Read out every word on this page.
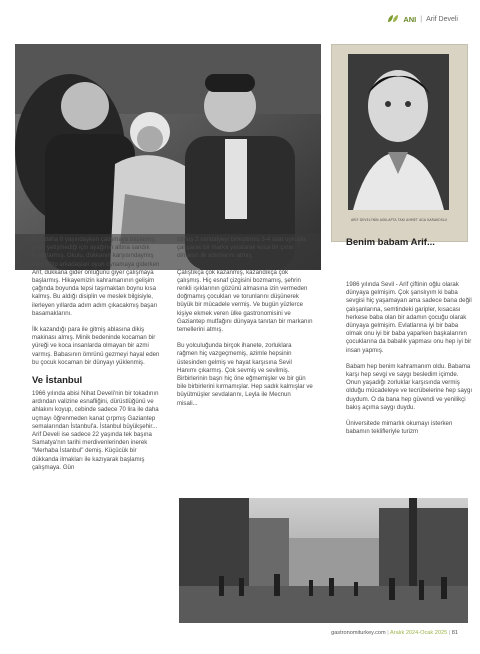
ANI | Arif Develi
ARİF DEVELİ'NİN ASKLAPTA TAKI AHMET AGA KARAKOSLU

Arif, daha 6 yaşındayken çalışmaya başlamış, boyu yetişmediği için ayağının altına sandık koyarlarmış. Okulu, dükkanın karşısındaymış okul bittip arkadaşları oyun oynamaya giderken Arif, dükkana gider önlüğünü giyer çalışmaya başlarmış. Hikayemizin kahramanının gelişim çağında boyunda tepsi taşımaktan boynu kısa kalmış. Bu aldığı disiplin ve meslek bilgisiyle, ilerleyen yıllarda adım adım çıkacakmış başarı basamaklarını.

İlk kazandığı para ile gitmiş ablasına dikiş makinası almış. Minik bedeninde kocaman bir yüreği ve koca insanlarda olmayan bir azmi varmış. Babasının ömrünü gezmeyi hayal eden bu çocuk kocaman bir dünyayı yüklenmiş.

Ve İstanbul

1966 yılında abisi Nihat Develi'nin bir tokadının ardından valizine esnafliğini, dürüstlüğünü ve ahlakını koyup, cebinde sadece 70 lira ile daha uçmayı öğrenmeden kanat çırpmış Gaziantep semalarından İstanbul'a. İstanbul büyükşehir... Arif Develi ise sadece 22 yaşında tek başına Samatya'nın tarihi merdivenlerinden inerek "Merhaba İstanbul" demiş. Küçücük bir dükkanda ilmakları ile kazıyarak başlamış çalışmaya. Gün

olmuş 2 sandalyeyi birleştirmiş 3-4 saat uykuyla çalışarak bir marka yaratarak koca bir çınar olmanın ilk adımlarını atmış.

Çalıştıkça çok kazanmış, kazandıkça çok çalışmış. Hiç esnaf çizgisini bozmamış, şehrin renkli ışıklarının gözünü almasına izin vermeden doğmamış çocukları ve torunlarını düşünerek büyük bir mücadele vermiş. Ve bugün yüzlerce kişiye ekmek veren ülke gastronomisini ve Gaziantep mutfağını dünyaya tanıtan bir markanın temellerini atmış.

Bu yolculuğunda birçok ihanete, zorluklara rağmen hiç vazgeçmemiş, azimle hepsinin üstesinden gelmiş ve hayat karşısına Sevil Hanımı çıkarmış. Çok sevmiş ve sevilmiş. Birbirlerinin başrı hiç öne eğmemişler ve bir gün bile birbirlerini kırmamışlar. Hep sadık kalmışlar ve büyütmüşler sevdalarını, Leyla ile Mecnun misali...

Benim babam Arif...

1986 yılında Sevil - Arif çiftinin oğlu olarak dünyaya gelmişim. Çok şanslıyım ki baba sevgisi hiç yaşamayan ama sadece bana değil çalışanlarına, semtindeki garipler, kısacası herkese baba olan bir adamın çocuğu olarak dünyaya gelmişim. Evlatlarına iyi bir baba olmak onu iyi bir baba yaparken başkalarının çocuklarına da babalık yapması onu hep iyi bir insan yapmış.

Babam hep benim kahramanım oldu. Babama karşı hep sevgi ve saygı besledim içimde. Onun yaşadığı zorluklar karşısında vermiş olduğu mücadeleye ve tecrübelerine hep saygı duydum. O da bana hep güvendi ve yenilikçi bakış açıma saygı duydu.

Üniversitede mimarlık okumayı isterken babamın teklifleriyle turizm

gastronomiturkey.com | Aralık 2024-Ocak 2025 | 81
